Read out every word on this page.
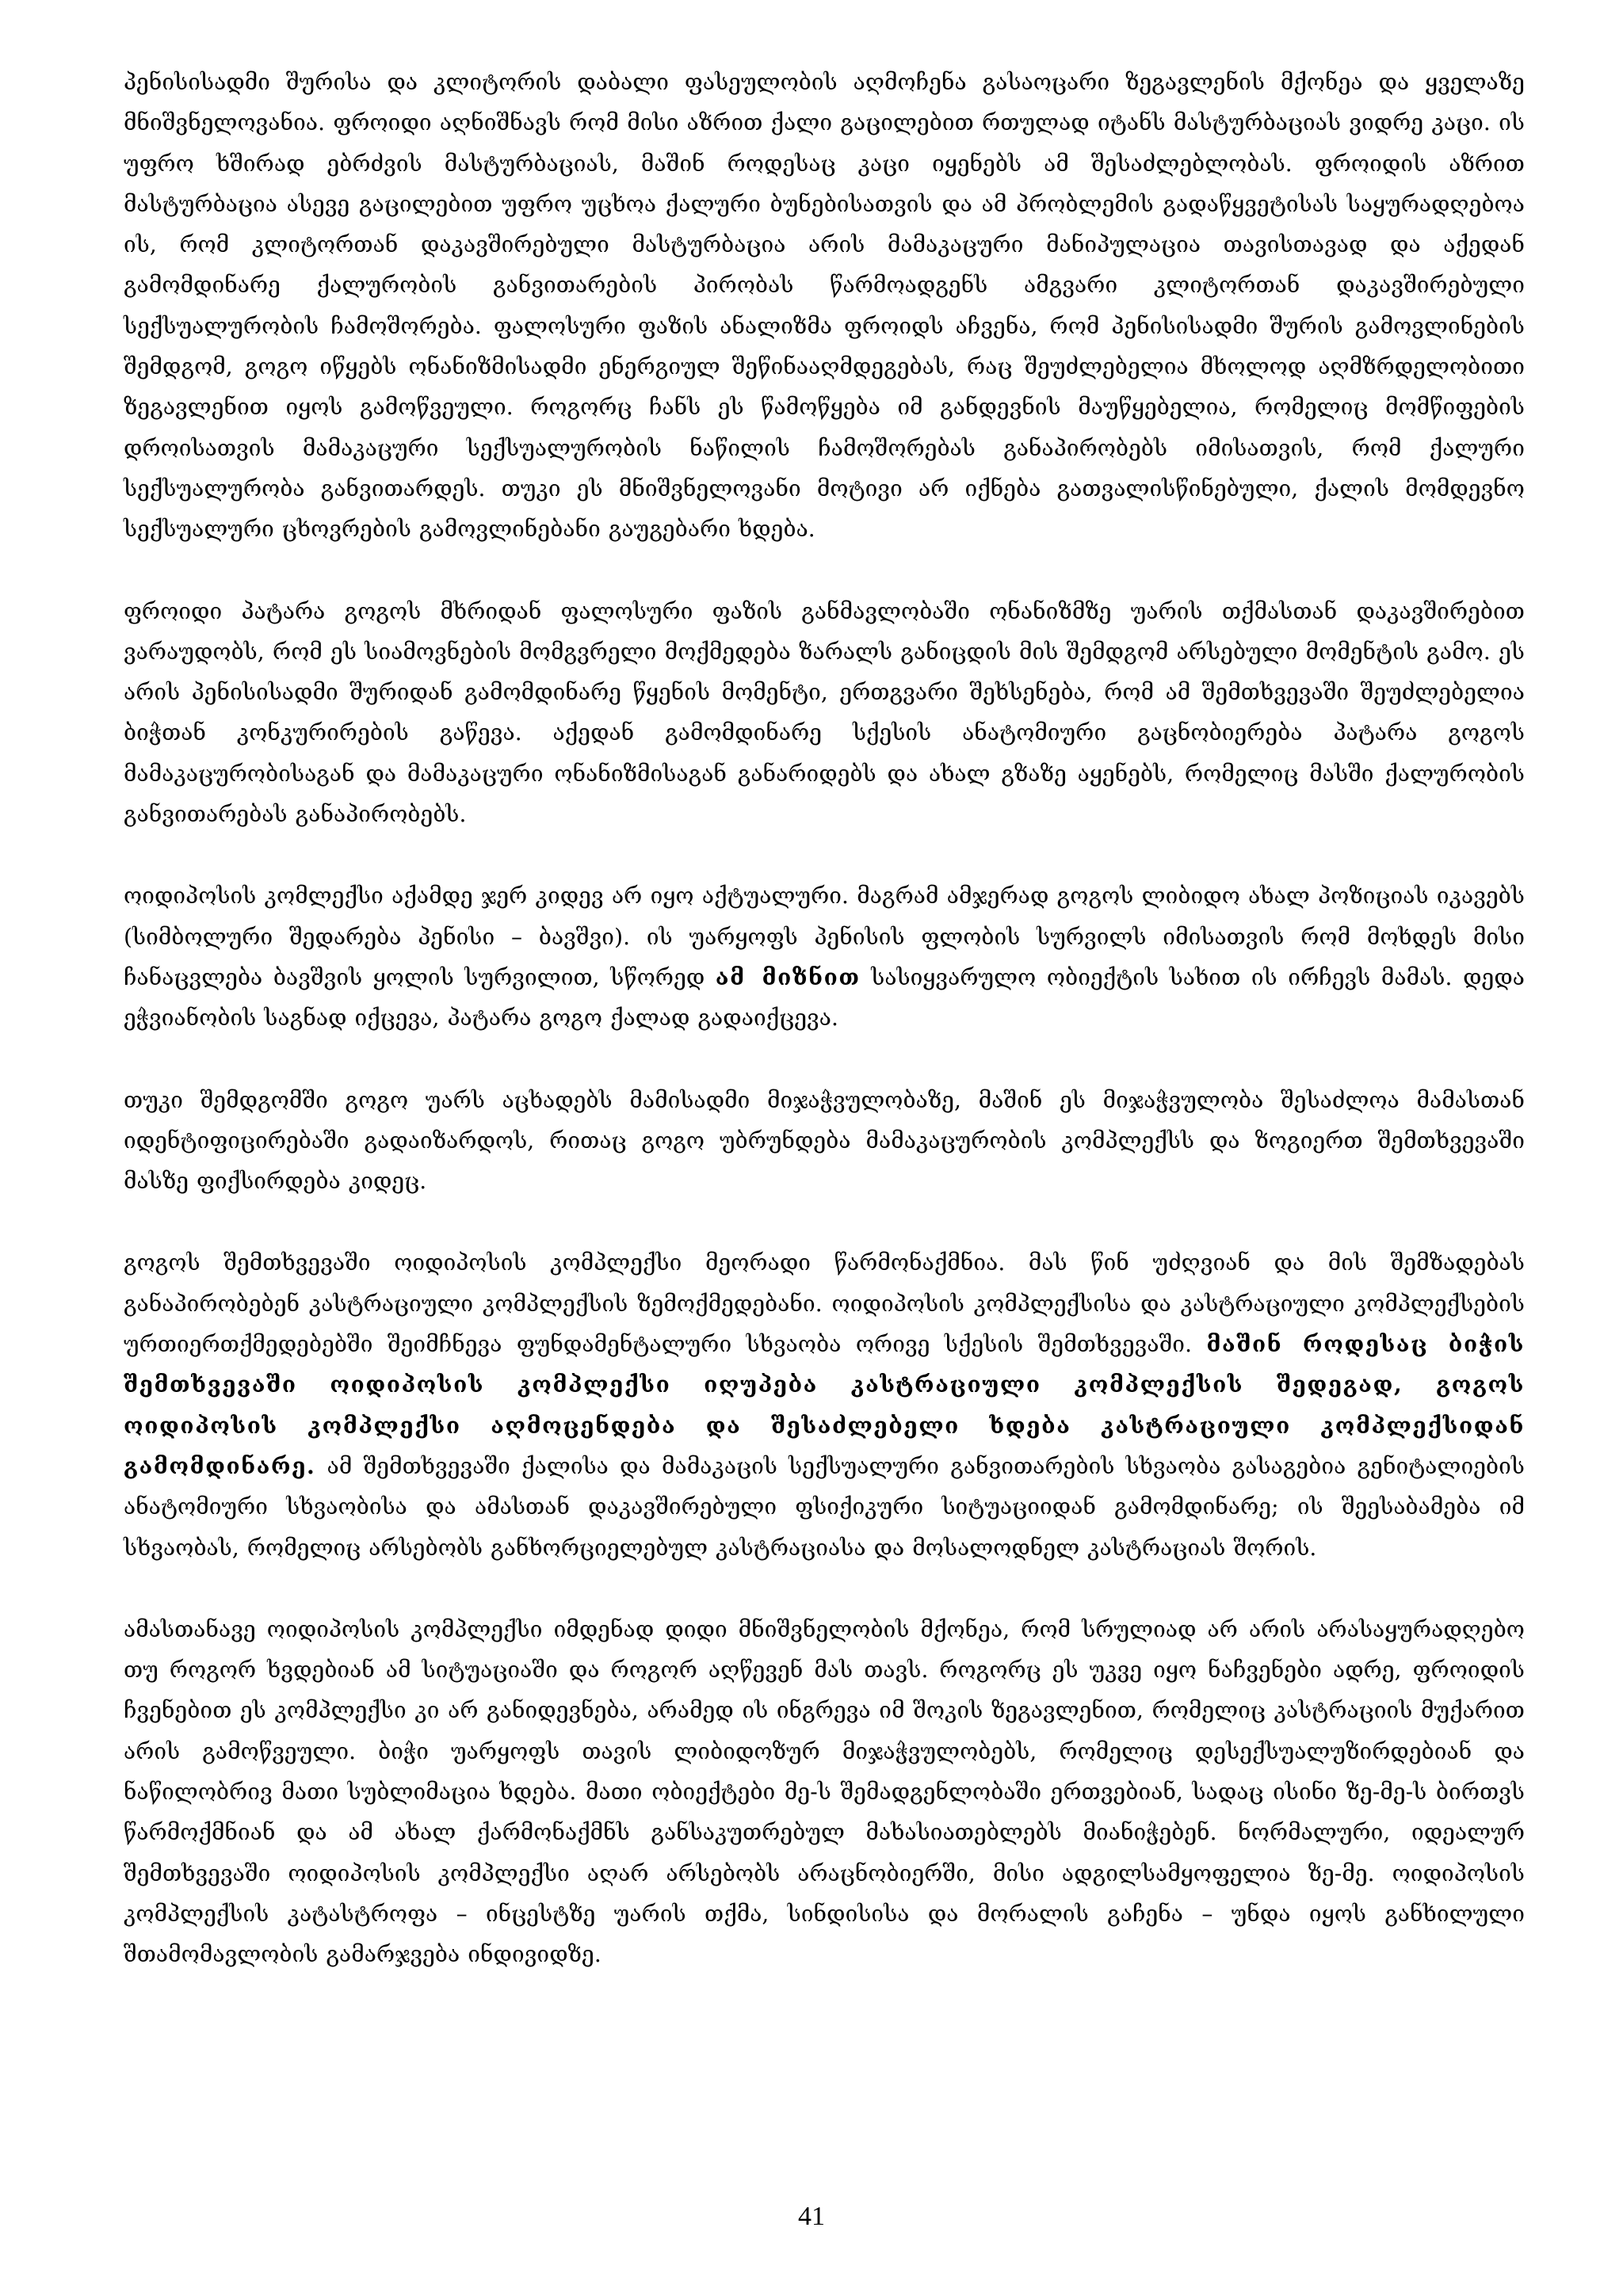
პენისისადმი შურისა და კლიტორის დაბალი ფასეულობის აღმოჩენა გასაოცარი ზეგავლენის მქონეა და ყველაზე მნიშვნელოვანია. ფროიდი აღნიშნავს რომ მისი აზრით ქალი გაცილებით რთულად იტანს მასტურბაციას ვიდრე კაცი. ის უფრო ხშირად ებრძვის მასტურბაციას, მაშინ როდესაც კაცი იყენებს ამ შესაძლებლობას. ფროიდის აზრით მასტურბაცია ასევე გაცილებით უფრო უცხოა ქალური ბუნებისათვის და ამ პრობლემის გადაწყვეტისას საყურადღებოა ის, რომ კლიტორთან დაკავშირებული მასტურბაცია არის მამაკაცური მანიპულაცია თავისთავად და აქედან გამომდინარე ქალურობის განვითარების პირობას წარმოადგენს ამგვარი კლიტორთან დაკავშირებული სექსუალურობის ჩამოშორება. ფალოსური ფაზის ანალიზმა ფროიდს აჩვენა, რომ პენისისადმი შურის გამოვლინების შემდგომ, გოგო იწყებს ონანიზმისადმი ენერგიულ შეწინააღმდეგებას, რაც შეუძლებელია მხოლოდ აღმზრდელობითი ზეგავლენით იყოს გამოწვეული. როგორც ჩანს ეს წამოწყება იმ განდევნის მაუწყებელია, რომელიც მომწიფების დროისათვის მამაკაცური სექსუალურობის ნაწილის ჩამოშორებას განაპირობებს იმისათვის, რომ ქალური სექსუალურობა განვითარდეს. თუკი ეს მნიშვნელოვანი მოტივი არ იქნება გათვალისწინებული, ქალის მომდევნო სექსუალური ცხოვრების გამოვლინებანი გაუგებარი ხდება.

ფროიდი პატარა გოგოს მხრიდან ფალოსური ფაზის განმავლობაში ონანიზმზე უარის თქმასთან დაკავშირებით ვარაუდობს, რომ ეს სიამოვნების მომგვრელი მოქმედება ზარალს განიცდის მის შემდგომ არსებული მომენტის გამო. ეს არის პენისისადმი შურიდან გამომდინარე წყენის მომენტი, ერთგვარი შეხსენება, რომ ამ შემთხვევაში შეუძლებელია ბიჭთან კონკურირების გაწევა. აქედან გამომდინარე სქესის ანატომიური გაცნობიერება პატარა გოგოს მამაკაცურობისაგან და მამაკაცური ონანიზმისაგან განარიდებს და ახალ გზაზე აყენებს, რომელიც მასში ქალურობის განვითარებას განაპირობებს.

ოიდიპოსის კომლექსი აქამდე ჯერ კიდევ არ იყო აქტუალური. მაგრამ ამჯერად გოგოს ლიბიდო ახალ პოზიციას იკავებს (სიმბოლური შედარება პენისი – ბავშვი). ის უარყოფს პენისის ფლობის სურვილს იმისათვის რომ მოხდეს მისი ჩანაცვლება ბავშვის ყოლის სურვილით, სწორედ ამ მიზნით სასიყვარულო ობიექტის სახით ის ირჩევს მამას. დედა ეჭვიანობის საგნად იქცევა, პატარა გოგო ქალად გადაიქცევა.

თუკი შემდგომში გოგო უარს აცხადებს მამისადმი მიჯაჭვულობაზე, მაშინ ეს მიჯაჭვულობა შესაძლოა მამასთან იდენტიფიცირებაში გადაიზარდოს, რითაც გოგო უბრუნდება მამაკაცურობის კომპლექსს და ზოგიერთ შემთხვევაში მასზე ფიქსირდება კიდეც.

გოგოს შემთხვევაში ოიდიპოსის კომპლექსი მეორადი წარმონაქმნია. მას წინ უძღვიან და მის შემზადებას განაპირობებენ კასტრაციული კომპლექსის ზემოქმედებანი. ოიდიპოსის კომპლექსისა და კასტრაციული კომპლექსების ურთიერთქმედებებში შეიმჩნევა ფუნდამენტალური სხვაობა ორივე სქესის შემთხვევაში. მაშინ როდესაც ბიჭის შემთხვევაში ოიდიპოსის კომპლექსი იღუპება კასტრაციული კომპლექსის შედეგად, გოგოს ოიდიპოსის კომპლექსი აღმოცენდება და შესაძლებელი ხდება კასტრაციული კომპლექსიდან გამომდინარე. ამ შემთხვევაში ქალისა და მამაკაცის სექსუალური განვითარების სხვაობა გასაგებია გენიტალიების ანატომიური სხვაობისა და ამასთან დაკავშირებული ფსიქიკური სიტუაციიდან გამომდინარე; ის შეესაბამება იმ სხვაობას, რომელიც არსებობს განხორციელებულ კასტრაციასა და მოსალოდნელ კასტრაციას შორის.

ამასთანავე ოიდიპოსის კომპლექსი იმდენად დიდი მნიშვნელობის მქონეა, რომ სრულიად არ არის არასაყურადღებო თუ როგორ ხვდებიან ამ სიტუაციაში და როგორ აღწევენ მას თავს. როგორც ეს უკვე იყო ნაჩვენები ადრე, ფროიდის ჩვენებით ეს კომპლექსი კი არ განიდევნება, არამედ ის ინგრევა იმ შოკის ზეგავლენით, რომელიც კასტრაციის მუქარით არის გამოწვეული. ბიჭი უარყოფს თავის ლიბიდოზურ მიჯაჭვულობებს, რომელიც დესექსუალუზირდებიან და ნაწილობრივ მათი სუბლიმაცია ხდება. მათი ობიექტები მე-ს შემადგენლობაში ერთვებიან, სადაც ისინი ზე-მე-ს ბირთვს წარმოქმნიან და ამ ახალ ქარმონაქმნს განსაკუთრებულ მახასიათებლებს მიანიჭებენ. ნორმალური, იდეალურ შემთხვევაში ოიდიპოსის კომპლექსი აღარ არსებობს არაცნობიერში, მისი ადგილსამყოფელია ზე-მე. ოიდიპოსის კომპლექსის კატასტროფა – ინცესტზე უარის თქმა, სინდისისა და მორალის გაჩენა – უნდა იყოს განხილული შთამომავლობის გამარჯვება ინდივიდზე.

41
